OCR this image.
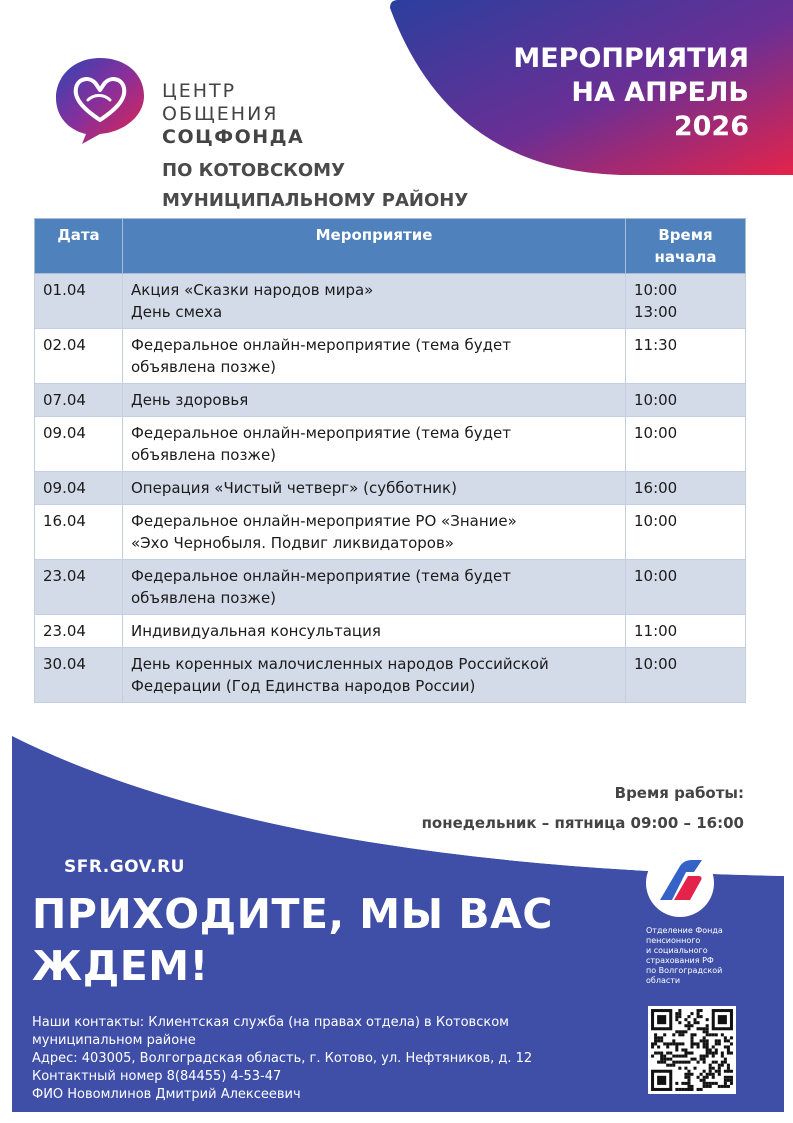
МЕРОПРИЯТИЯ
НА АПРЕЛЬ
2026
ЦЕНТР
ОБЩЕНИЯ
СОЦФОНДА
ПО КОТОВСКОМУ
МУНИЦИПАЛЬНОМУ РАЙОНУ
Дата	Мероприятие	Время
начала

01.04	Акция «Сказки народов мира»
День смеха	10:00
13:00

02.04	Федеральное онлайн-мероприятие (тема будет
объявлена позже)	11:30

07.04	День здоровья	10:00

09.04	Федеральное онлайн-мероприятие (тема будет
объявлена позже)	10:00

09.04	Операция «Чистый четверг» (субботник)	16:00

16.04	Федеральное онлайн-мероприятие РО «Знание»
«Эхо Чернобыля. Подвиг ликвидаторов»	10:00

23.04	Федеральное онлайн-мероприятие (тема будет
объявлена позже)	10:00

23.04	Индивидуальная консультация	11:00

30.04	День коренных малочисленных народов Российской
Федерации (Год Единства народов России)	10:00
Время работы:
понедельник – пятница 09:00 – 16:00
SFR.GOV.RU
ПРИХОДИТЕ, МЫ ВАС
ЖДЕМ!
Наши контакты: Клиентская служба (на правах отдела) в Котовском
муниципальном районе
Адрес: 403005, Волгоградская область, г. Котово, ул. Нефтяников, д. 12
Контактный номер 8(84455) 4-53-47
ФИО Новомлинов Дмитрий Алексеевич
Отделение Фонда
пенсионного
и социального
страхования РФ
по Волгоградской
области
